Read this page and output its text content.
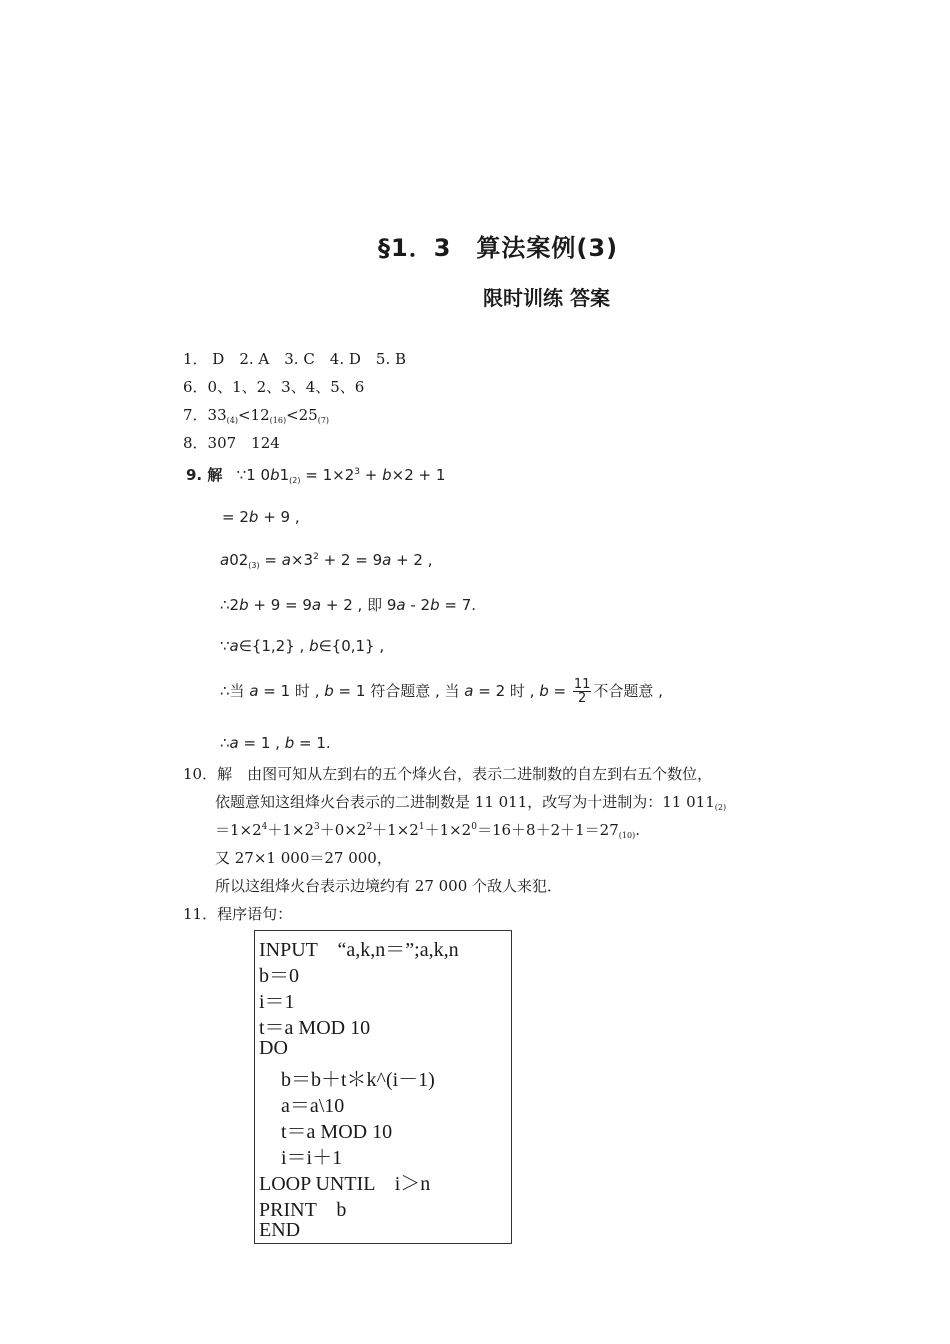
§1．3　算法案例(3)
限时训练 答案
1． D　2. A　3. C　4. D　5. B
6．0、1、2、3、4、5、6
7．$33_{(4)}<12_{(16)}<25_{(7)}$
8．307　124
9. 解 ∵1 $0b1_{(2)} = 1\times 2^3 + b\times 2 + 1$
= 2b + 9 ,
$a02_{(3)} = a\times 3^2 + 2 = 9a + 2$ ,
∴2b + 9 = 9a + 2 , 即 9a - 2b = 7.
∵a∈{1,2} , b∈{0,1} ,
∴当 a = 1 时 , b = 1 符合题意 , 当 a = 2 时 , $b = \frac{11}{2}$ 不合题意 ,
∴a = 1 , b = 1.
10．解　由图可知从左到右的五个烽火台，表示二进制数的自左到右五个数位，
依题意知这组烽火台表示的二进制数是 11 011，改写为十进制为：11 $011_{(2)}$
$=1\times 2^4+1\times 2^3+0\times 2^2+1\times 2^1+1\times 2^0=16+8+2+1=27_{(10)}$.
又 27×1 000＝27 000，
所以这组烽火台表示边境约有 27 000 个敌人来犯．
11．程序语句：
INPUT　“a,k,n＝”;a,k,n
b＝0
i＝1
t＝a MOD 10
DO
b＝b＋t＊k^(i－1)
a＝a\10
t＝a MOD 10
i＝i＋1
LOOP UNTIL　i＞n
PRINT　b
END
